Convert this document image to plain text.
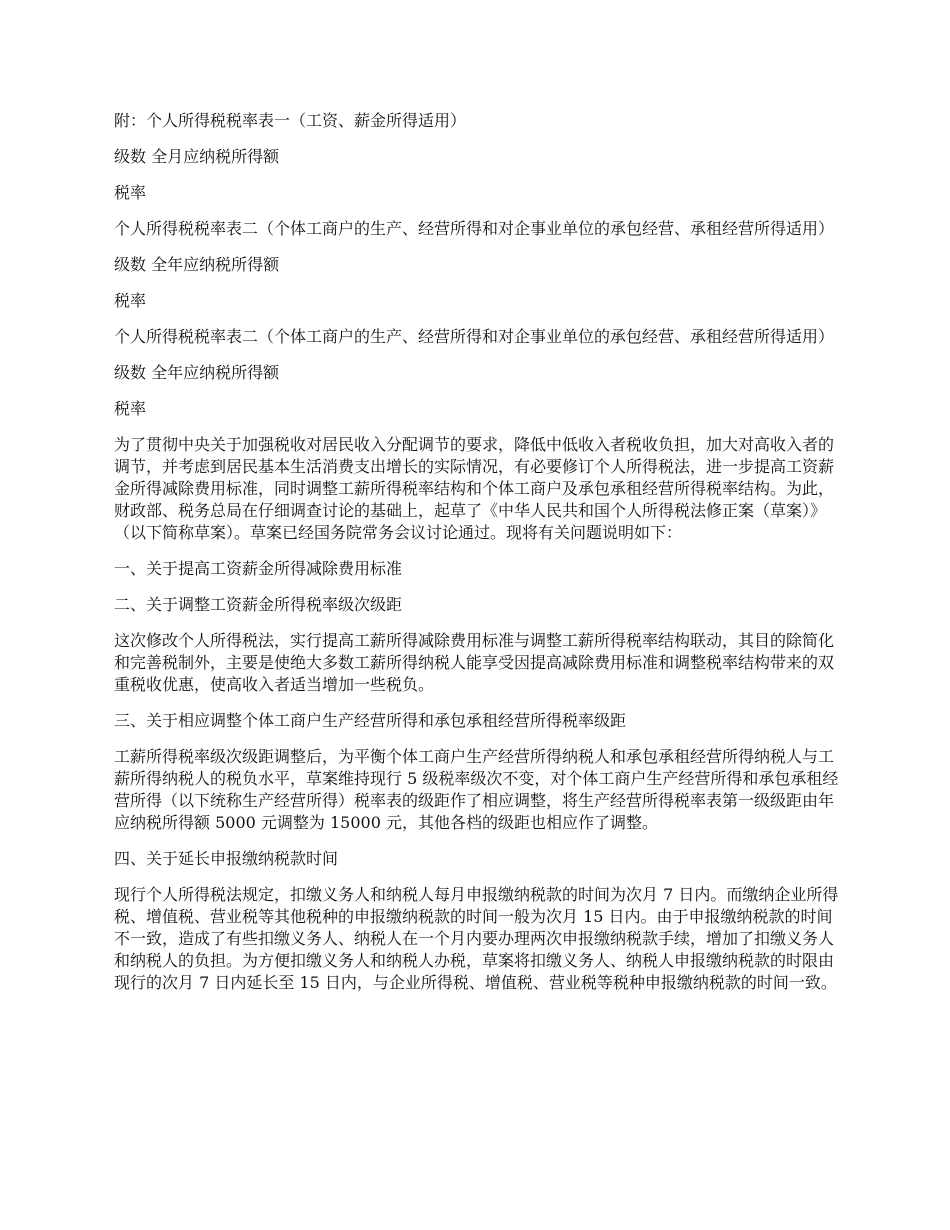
附：个人所得税税率表一（工资、薪金所得适用）

级数 全月应纳税所得额

税率

个人所得税税率表二（个体工商户的生产、经营所得和对企事业单位的承包经营、承租经营所得适用）

级数 全年应纳税所得额

税率

个人所得税税率表二（个体工商户的生产、经营所得和对企事业单位的承包经营、承租经营所得适用）

级数 全年应纳税所得额

税率

为了贯彻中央关于加强税收对居民收入分配调节的要求，降低中低收入者税收负担，加大对高收入者的调节，并考虑到居民基本生活消费支出增长的实际情况，有必要修订个人所得税法，进一步提高工资薪金所得减除费用标准，同时调整工薪所得税率结构和个体工商户及承包承租经营所得税率结构。为此，财政部、税务总局在仔细调查讨论的基础上，起草了《中华人民共和国个人所得税法修正案（草案）》（以下简称草案）。草案已经国务院常务会议讨论通过。现将有关问题说明如下：

一、关于提高工资薪金所得减除费用标准

二、关于调整工资薪金所得税率级次级距

这次修改个人所得税法，实行提高工薪所得减除费用标准与调整工薪所得税率结构联动，其目的除简化和完善税制外，主要是使绝大多数工薪所得纳税人能享受因提高减除费用标准和调整税率结构带来的双重税收优惠，使高收入者适当增加一些税负。

三、关于相应调整个体工商户生产经营所得和承包承租经营所得税率级距

工薪所得税率级次级距调整后，为平衡个体工商户生产经营所得纳税人和承包承租经营所得纳税人与工薪所得纳税人的税负水平，草案维持现行 5 级税率级次不变，对个体工商户生产经营所得和承包承租经营所得（以下统称生产经营所得）税率表的级距作了相应调整，将生产经营所得税率表第一级级距由年应纳税所得额 5000 元调整为 15000 元，其他各档的级距也相应作了调整。

四、关于延长申报缴纳税款时间

现行个人所得税法规定，扣缴义务人和纳税人每月申报缴纳税款的时间为次月 7 日内。而缴纳企业所得税、增值税、营业税等其他税种的申报缴纳税款的时间一般为次月 15 日内。由于申报缴纳税款的时间不一致，造成了有些扣缴义务人、纳税人在一个月内要办理两次申报缴纳税款手续，增加了扣缴义务人和纳税人的负担。为方便扣缴义务人和纳税人办税，草案将扣缴义务人、纳税人申报缴纳税款的时限由现行的次月 7 日内延长至 15 日内，与企业所得税、增值税、营业税等税种申报缴纳税款的时间一致。
